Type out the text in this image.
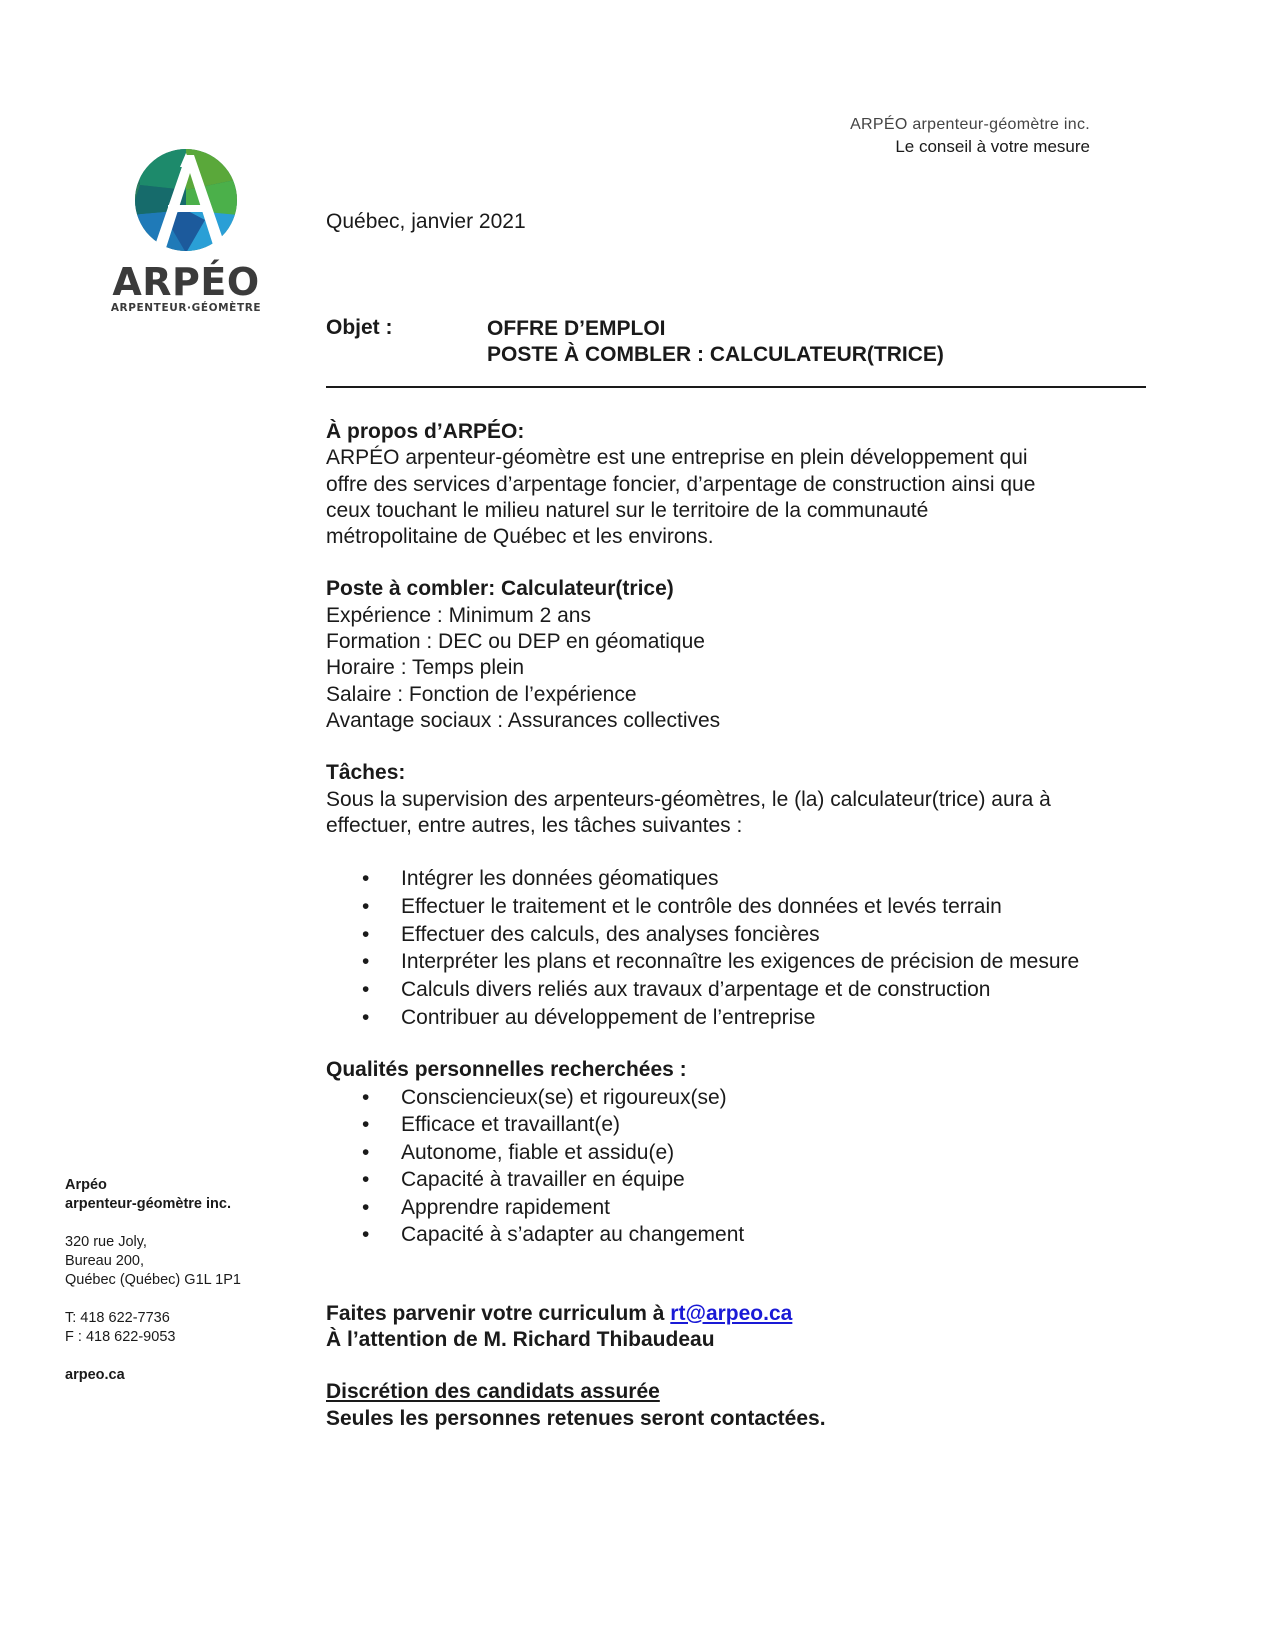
ARPÉO arpenteur-géomètre inc.
Le conseil à votre mesure
ARPÉO
ARPENTEUR·GÉOMÈTRE
Québec, janvier 2021
Objet :	OFFRE D’EMPLOI
POSTE À COMBLER : CALCULATEUR(TRICE)

À propos d’ARPÉO:

ARPÉO arpenteur-géomètre est une entreprise en plein développement qui

offre des services d’arpentage foncier, d’arpentage de construction ainsi que

ceux touchant le milieu naturel sur le territoire de la communauté

métropolitaine de Québec et les environs.

Poste à combler: Calculateur(trice)

Expérience : Minimum 2 ans

Formation : DEC ou DEP en géomatique

Horaire : Temps plein

Salaire : Fonction de l’expérience

Avantage sociaux : Assurances collectives

Tâches:

Sous la supervision des arpenteurs-géomètres, le (la) calculateur(trice) aura à

effectuer, entre autres, les tâches suivantes :

• Intégrer les données géomatiques
• Effectuer le traitement et le contrôle des données et levés terrain
• Effectuer des calculs, des analyses foncières
• Interpréter les plans et reconnaître les exigences de précision de mesure
• Calculs divers reliés aux travaux d’arpentage et de construction
• Contribuer au développement de l’entreprise

Qualités personnelles recherchées :

• Consciencieux(se) et rigoureux(se)
• Efficace et travaillant(e)
• Autonome, fiable et assidu(e)
• Capacité à travailler en équipe
• Apprendre rapidement
• Capacité à s’adapter au changement

Faites parvenir votre curriculum à rt@arpeo.ca

À l’attention de M. Richard Thibaudeau

Discrétion des candidats assurée

Seules les personnes retenues seront contactées.

Arpéo

arpenteur-géomètre inc.

320 rue Joly,

Bureau 200,

Québec (Québec) G1L 1P1

T: 418 622-7736

F : 418 622-9053

arpeo.ca
